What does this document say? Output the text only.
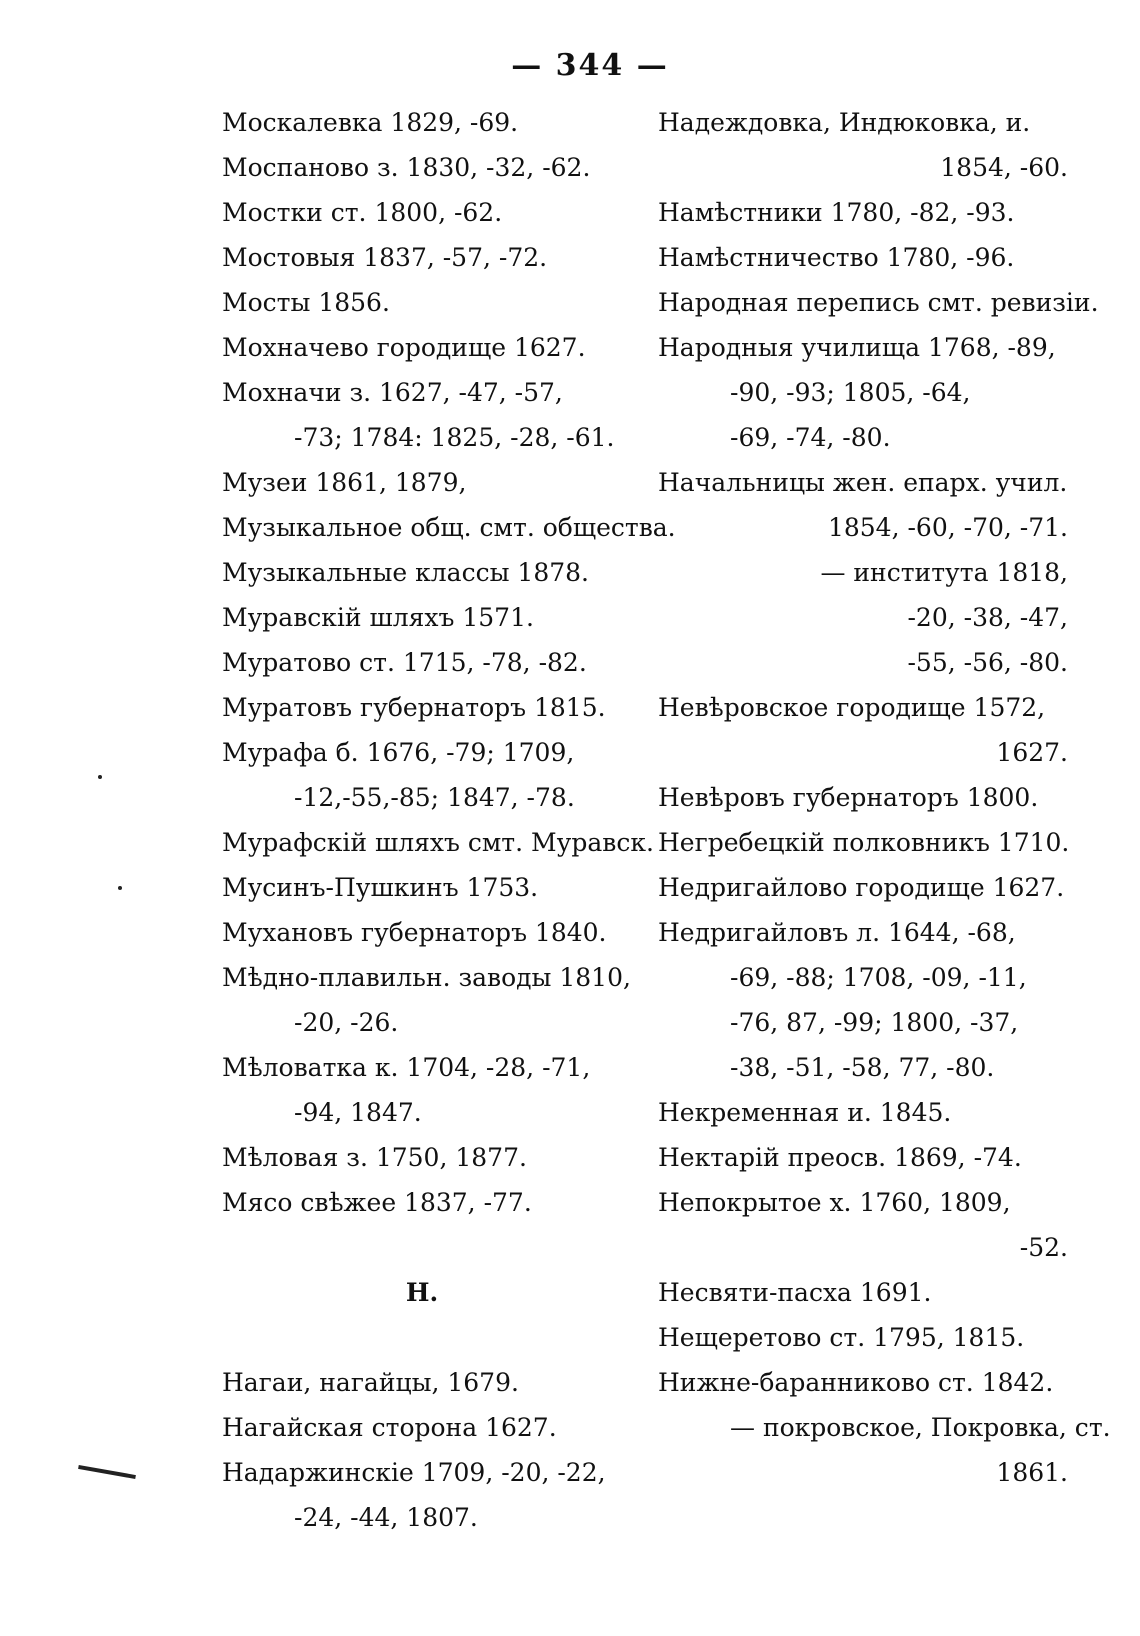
— 344 —
Москалевка 1829, -69.
Моспаново з. 1830, -32, -62.
Мостки ст. 1800, -62.
Мостовыя 1837, -57, -72.
Мосты 1856.
Мохначево городище 1627.
Мохначи з. 1627, -47, -57,
-73; 1784: 1825, -28, -61.
Музеи 1861, 1879,
Музыкальное общ. смт. общества.
Музыкальные классы 1878.
Муравскій шляхъ 1571.
Муратово ст. 1715, -78, -82.
Муратовъ губернаторъ 1815.
Мурафа б. 1676, -79; 1709,
-12,-55,-85; 1847, -78.
Мурафскій шляхъ смт. Муравск.
Мусинъ-Пушкинъ 1753.
Мухановъ губернаторъ 1840.
Мѣдно-плавильн. заводы 1810,
-20, -26.
Мѣловатка к. 1704, -28, -71,
-94, 1847.
Мѣловая з. 1750, 1877.
Мясо свѣжее 1837, -77.
Н.
Нагаи, нагайцы, 1679.
Нагайская сторона 1627.
Надаржинскіе 1709, -20, -22,
-24, -44, 1807.
Надеждовка, Индюковка, и.
1854, -60.
Намѣстники 1780, -82, -93.
Намѣстничество 1780, -96.
Народная перепись смт. ревизіи.
Народныя училища 1768, -89,
-90, -93; 1805, -64,
-69, -74, -80.
Начальницы жен. епарх. учил.
1854, -60, -70, -71.
— института 1818,
-20, -38, -47,
-55, -56, -80.
Невѣровское городище 1572,
1627.
Невѣровъ губернаторъ 1800.
Негребецкій полковникъ 1710.
Недригайлово городище 1627.
Недригайловъ л. 1644, -68,
-69, -88; 1708, -09, -11,
-76, 87, -99; 1800, -37,
-38, -51, -58, 77, -80.
Некременная и. 1845.
Нектарій преосв. 1869, -74.
Непокрытое х. 1760, 1809,
-52.
Несвяти-пасха 1691.
Нещеретово ст. 1795, 1815.
Нижне-баранниково ст. 1842.
— покровское, Покровка, ст.
1861.
